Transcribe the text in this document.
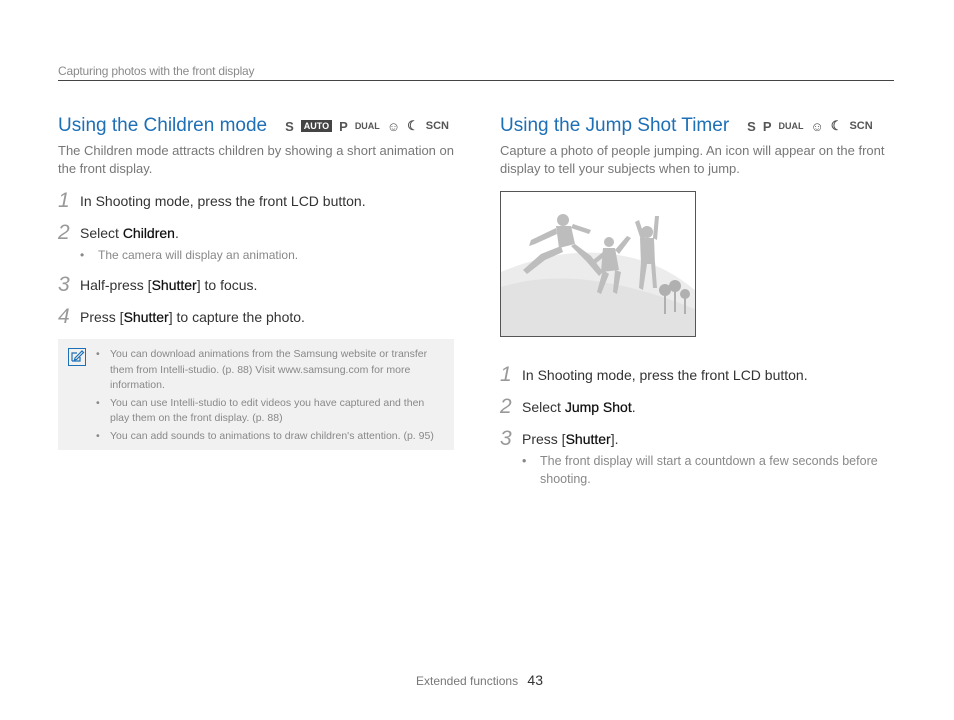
Capturing photos with the front display
Using the Children mode S	AUTO P DUAL ☺ ☾ SCN
The Children mode attracts children by showing a short animation on the front display.
1 In Shooting mode, press the front LCD button.
2 Select Children.
•	The camera will display an animation.
3 Half-press [Shutter] to focus.
4 Press [Shutter] to capture the photo.
• You can download animations from the Samsung website or transfer them from Intelli-studio. (p. 88) Visit www.samsung.com for more information.
• You can use Intelli-studio to edit videos you have captured and then play them on the front display. (p. 88)
• You can add sounds to animations to draw children's attention. (p. 95)
Using the Jump Shot Timer S P DUAL ☺ ☾ SCN
Capture a photo of people jumping. An icon will appear on the front display to tell your subjects when to jump.
1 In Shooting mode, press the front LCD button.
2 Select Jump Shot.
3 Press [Shutter].
•	The front display will start a countdown a few seconds before shooting.
Extended functions 43
